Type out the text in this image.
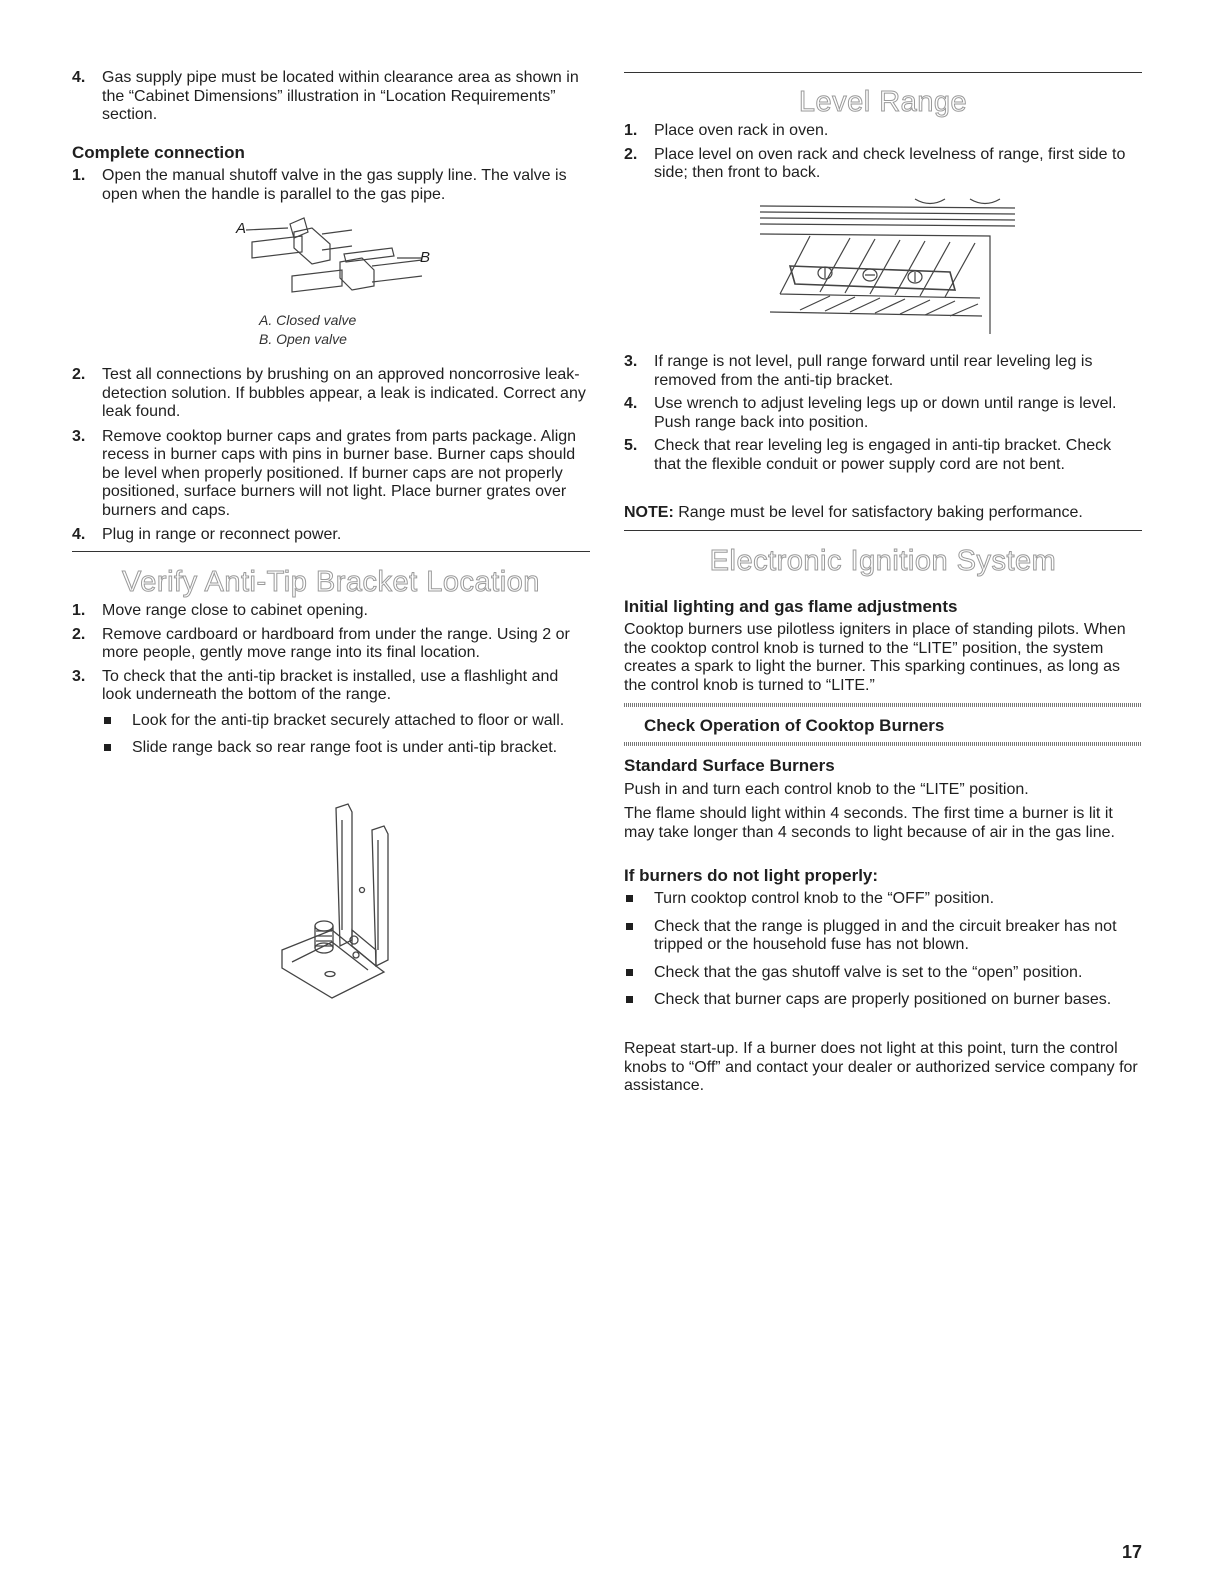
4. Gas supply pipe must be located within clearance area as shown in the “Cabinet Dimensions” illustration in “Location Requirements” section.
Complete connection
1. Open the manual shutoff valve in the gas supply line. The valve is open when the handle is parallel to the gas pipe.
A
B
A. Closed valve
B. Open valve
2. Test all connections by brushing on an approved noncorrosive leak-detection solution. If bubbles appear, a leak is indicated. Correct any leak found.
3. Remove cooktop burner caps and grates from parts package. Align recess in burner caps with pins in burner base. Burner caps should be level when properly positioned. If burner caps are not properly positioned, surface burners will not light. Place burner grates over burners and caps.
4. Plug in range or reconnect power.
Verify Anti-Tip Bracket Location
1. Move range close to cabinet opening.
2. Remove cardboard or hardboard from under the range. Using 2 or more people, gently move range into its final location.
3. To check that the anti-tip bracket is installed, use a flashlight and look underneath the bottom of the range.
Look for the anti-tip bracket securely attached to floor or wall.
Slide range back so rear range foot is under anti-tip bracket.
Level Range
1. Place oven rack in oven.
2. Place level on oven rack and check levelness of range, first side to side; then front to back.
3. If range is not level, pull range forward until rear leveling leg is removed from the anti-tip bracket.
4. Use wrench to adjust leveling legs up or down until range is level. Push range back into position.
5. Check that rear leveling leg is engaged in anti-tip bracket. Check that the flexible conduit or power supply cord are not bent.

NOTE: Range must be level for satisfactory baking performance.

Electronic Ignition System
Initial lighting and gas flame adjustments

Cooktop burners use pilotless igniters in place of standing pilots. When the cooktop control knob is turned to the “LITE” position, the system creates a spark to light the burner. This sparking continues, as long as the control knob is turned to “LITE.”

Check Operation of Cooktop Burners
Standard Surface Burners

Push in and turn each control knob to the “LITE” position.

The flame should light within 4 seconds. The first time a burner is lit it may take longer than 4 seconds to light because of air in the gas line.

If burners do not light properly:
Turn cooktop control knob to the “OFF” position.
Check that the range is plugged in and the circuit breaker has not tripped or the household fuse has not blown.
Check that the gas shutoff valve is set to the “open” position.
Check that burner caps are properly positioned on burner bases.

Repeat start-up. If a burner does not light at this point, turn the control knobs to “Off” and contact your dealer or authorized service company for assistance.

17
